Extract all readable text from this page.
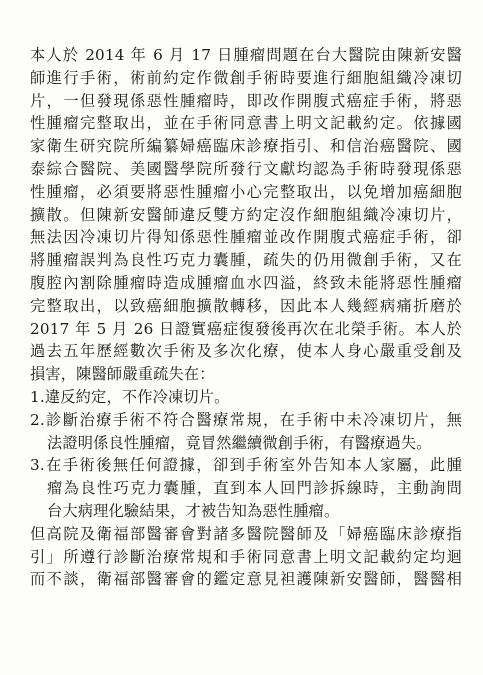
本人於 2014 年 6 月 17 日腫瘤問題在台大醫院由陳新安醫
師進行手術，術前約定作微創手術時要進行細胞組織冷凍切
片，一但發現係惡性腫瘤時，即改作開腹式癌症手術，將惡
性腫瘤完整取出，並在手術同意書上明文記載約定。依據國
家衛生研究院所編纂婦癌臨床診療指引、和信治癌醫院、國
泰綜合醫院、美國醫學院所發行文獻均認為手術時發現係惡
性腫瘤，必須要將惡性腫瘤小心完整取出，以免增加癌細胞
擴散。但陳新安醫師違反雙方約定沒作細胞組織冷凍切片，
無法因冷凍切片得知係惡性腫瘤並改作開腹式癌症手術，卻
將腫瘤誤判為良性巧克力囊腫，疏失的仍用微創手術，又在
腹腔內割除腫瘤時造成腫瘤血水四溢，終致未能將惡性腫瘤
完整取出，以致癌細胞擴散轉移，因此本人幾經病痛折磨於
2017 年 5 月 26 日證實癌症復發後再次在北榮手術。本人於
過去五年歷經數次手術及多次化療，使本人身心嚴重受創及
損害，陳醫師嚴重疏失在：
1.違反約定，不作冷凍切片。
2.診斷治療手術不符合醫療常規，在手術中未冷凍切片，無
法證明係良性腫瘤，竟冒然繼續微創手術，有醫療過失。
3.在手術後無任何證據，卻到手術室外告知本人家屬，此腫
瘤為良性巧克力囊腫，直到本人回門診拆線時，主動詢問
台大病理化驗結果，才被告知為惡性腫瘤。
但高院及衛福部醫審會對諸多醫院醫師及「婦癌臨床診療指
引」所遵行診斷治療常規和手術同意書上明文記載約定均迴
而不談，衛福部醫審會的鑑定意見袒護陳新安醫師，醫醫相
